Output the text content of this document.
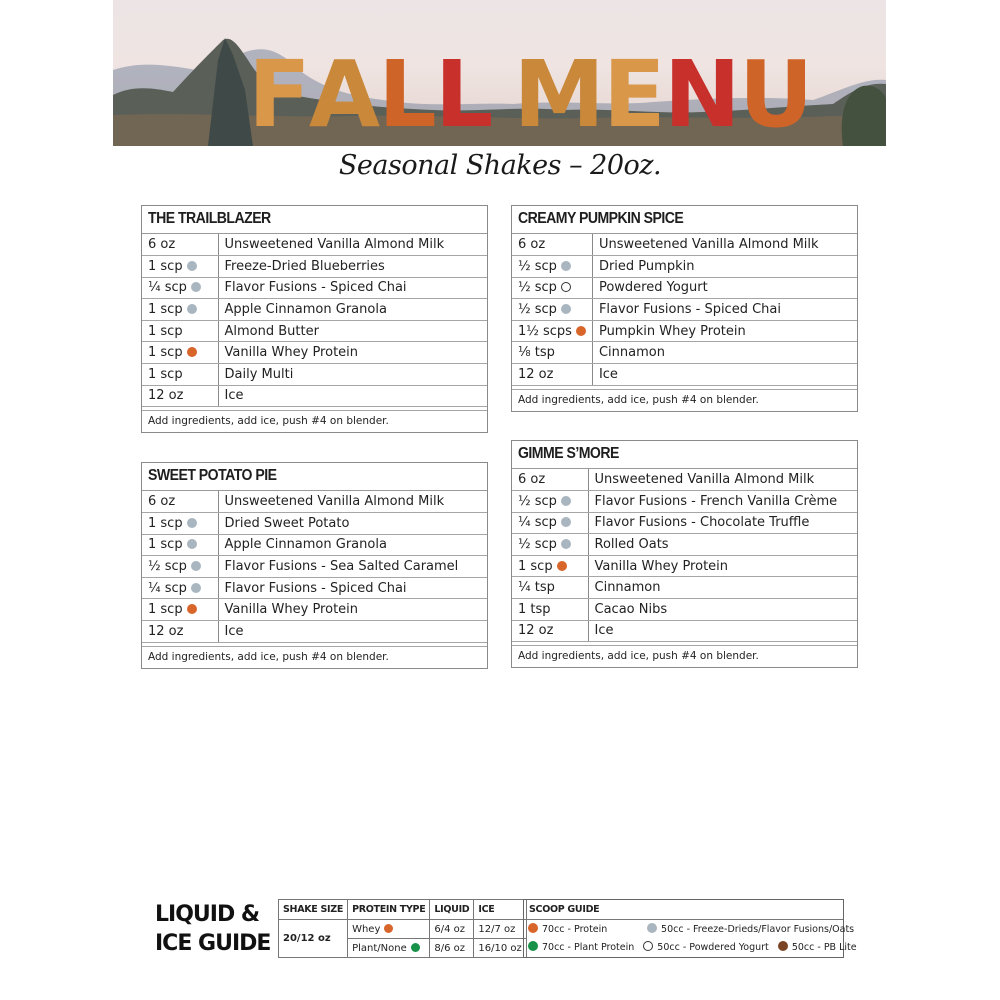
F A L L M E N U
Seasonal Shakes – 20oz.
THE TRAILBLAZER
6 oz	Unsweetened Vanilla Almond Milk
1 scp	Freeze-Dried Blueberries
¼ scp	Flavor Fusions - Spiced Chai
1 scp	Apple Cinnamon Granola
1 scp	Almond Butter
1 scp	Vanilla Whey Protein
1 scp	Daily Multi
12 oz	Ice
Add ingredients, add ice, push #4 on blender.
CREAMY PUMPKIN SPICE
6 oz	Unsweetened Vanilla Almond Milk
½ scp	Dried Pumpkin
½ scp	Powdered Yogurt
½ scp	Flavor Fusions - Spiced Chai
1½ scps	Pumpkin Whey Protein
⅛ tsp	Cinnamon
12 oz	Ice
Add ingredients, add ice, push #4 on blender.
SWEET POTATO PIE
6 oz	Unsweetened Vanilla Almond Milk
1 scp	Dried Sweet Potato
1 scp	Apple Cinnamon Granola
½ scp	Flavor Fusions - Sea Salted Caramel
¼ scp	Flavor Fusions - Spiced Chai
1 scp	Vanilla Whey Protein
12 oz	Ice
Add ingredients, add ice, push #4 on blender.
GIMME S’MORE
6 oz	Unsweetened Vanilla Almond Milk
½ scp	Flavor Fusions - French Vanilla Crème
¼ scp	Flavor Fusions - Chocolate Truffle
½ scp	Rolled Oats
1 scp	Vanilla Whey Protein
¼ tsp	Cinnamon
1 tsp	Cacao Nibs
12 oz	Ice
Add ingredients, add ice, push #4 on blender.
LIQUID &
ICE GUIDE
SHAKE SIZE	PROTEIN TYPE	LIQUID	ICE
20/12 oz	Whey	6/4 oz	12/7 oz
	Plant/None	8/6 oz	16/10 oz
SCOOP GUIDE
70cc - Protein	50cc - Freeze-Drieds/Flavor Fusions/Oats
70cc - Plant Protein 50cc - Powdered Yogurt 50cc - PB Lite
